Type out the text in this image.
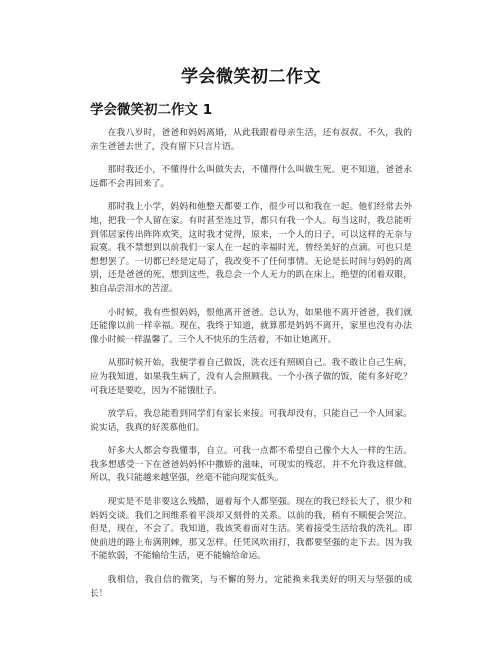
学会微笑初二作文
学会微笑初二作文 1

在我八岁时，爸爸和妈妈离婚，从此我跟着母亲生活，还有叔叔。不久，我的亲生爸爸去世了，没有留下只言片语。

那时我还小，不懂得什么叫做失去，不懂得什么叫做生死。更不知道，爸爸永远都不会再回来了。

那时我上小学，妈妈和他整天都要工作，很少可以和我在一起。他们经常去外地，把我一个人留在家。有时甚至连过节，都只有我一个人。每当这时，我总能听到邻居家传出阵阵欢笑，这时我才觉得，原来，一个人的日子，可以这样的无奈与寂寞。我不禁想到以前我们一家人在一起的幸福时光，曾经美好的点滴。可也只是想想罢了。一切都已经是定局了，我改变不了任何事情。无论是长时间与妈妈的离别，还是爸爸的死，想到这些，我总会一个人无力的趴在床上，绝望的闭着双眼，独自品尝泪水的苦涩。

小时候，我有些恨妈妈，恨他离开爸爸。总认为，如果他不离开爸爸，我们就还能像以前一样幸福。现在，我终于知道，就算那是妈妈不离开，家里也没有办法像小时候一样温馨了。三个人不快乐的生活着，不如让她离开。

从那时候开始，我便学着自己做饭，洗衣还有照顾自己。我不敢让自己生病，应为我知道，如果我生病了，没有人会照顾我。一个小孩子做的饭，能有多好吃？可我还是要吃，因为不能饿肚子。

放学后，我总能看到同学们有家长来接。可我却没有，只能自己一个人回家。说实话，我真的好羡慕他们。

好多大人都会夸我懂事，自立。可我一点都不希望自己像个大人一样的生活。我多想感受一下在爸爸妈妈怀中撒娇的滋味，可现实的残忍，并不允许我这样做。所以，我只能越来越坚强，丝毫不能向现实低头。

现实是不是非要这么残酷，逼着每个人都坚强。现在的我已经长大了，很少和妈妈交谈。我们之间维系着平淡却又刻骨的关系。以前的我，稍有不顺便会哭泣。但是，现在，不会了。我知道，我该笑着面对生活。笑着接受生活给我的洗礼。即使前进的路上布满荆棘，那又怎样。任凭风吹雨打，我都要坚强的走下去。因为我不能软弱，不能输给生活，更不能输给命运。

我相信，我自信的微笑，与不懈的努力，定能换来我美好的明天与坚强的成长！
